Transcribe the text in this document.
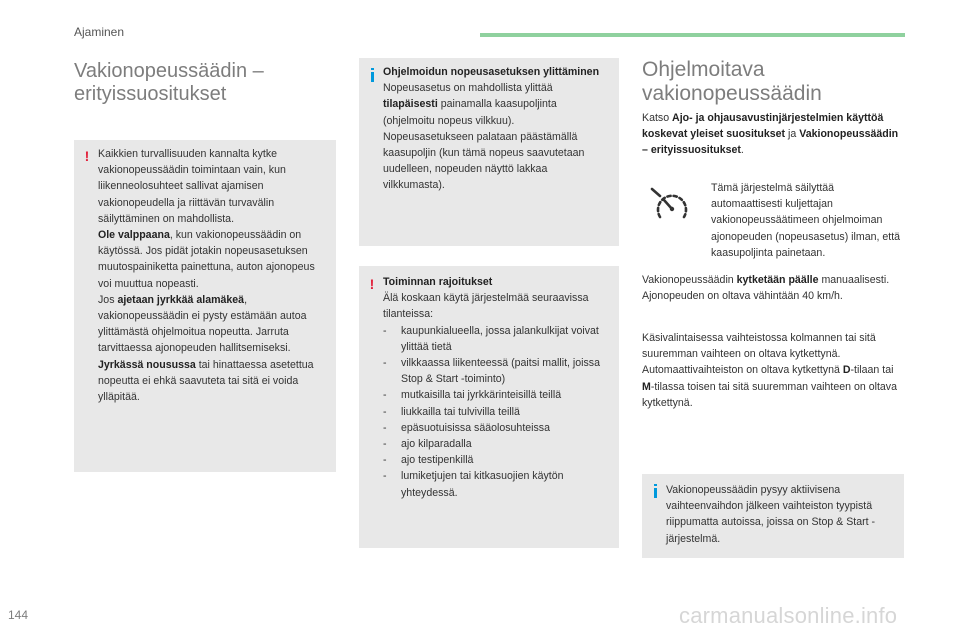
Ajaminen
Vakionopeussäädin –
erityissuositukset
! Kaikkien turvallisuuden kannalta kytke vakionopeussäädin toimintaan vain, kun liikenneolosuhteet sallivat ajamisen vakionopeudella ja riittävän turvavälin säilyttäminen on mahdollista.

Ole valppaana, kun vakionopeussäädin on käytössä. Jos pidät jotakin nopeusasetuksen muutospainiketta painettuna, auton ajonopeus voi muuttua nopeasti.

Jos ajetaan jyrkkää alamäkeä, vakionopeussäädin ei pysty estämään autoa ylittämästä ohjelmoitua nopeutta. Jarruta tarvittaessa ajonopeuden hallitsemiseksi.

Jyrkässä nousussa tai hinattaessa asetettua nopeutta ei ehkä saavuteta tai sitä ei voida ylläpitää.

Ohjelmoidun nopeusasetuksen ylittäminen

Nopeusasetus on mahdollista ylittää tilapäisesti painamalla kaasupoljinta (ohjelmoitu nopeus vilkkuu).

Nopeusasetukseen palataan päästämällä kaasupoljin (kun tämä nopeus saavutetaan uudelleen, nopeuden näyttö lakkaa vilkkumasta).

! Toiminnan rajoitukset

Älä koskaan käytä järjestelmää seuraavissa tilanteissa:

- kaupunkialueella, jossa jalankulkijat voivat ylittää tietä
- vilkkaassa liikenteessä (paitsi mallit, joissa Stop & Start -toiminto)
- mutkaisilla tai jyrkkärinteisillä teillä
- liukkailla tai tulvivilla teillä
- epäsuotuisissa sääolosuhteissa
- ajo kilparadalla
- ajo testipenkillä
- lumiketjujen tai kitkasuojien käytön yhteydessä.
Ohjelmoitava
vakionopeussäädin
Katso Ajo- ja ohjausavustinjärjestelmien käyttöä koskevat yleiset suositukset ja Vakionopeussäädin – erityissuositukset.
Tämä järjestelmä säilyttää automaattisesti kuljettajan vakionopeussäätimeen ohjelmoiman ajonopeuden (nopeusasetus) ilman, että kaasupoljinta painetaan.
Vakionopeussäädin kytketään päälle manuaalisesti.
Ajonopeuden on oltava vähintään 40 km/h.
Käsivalintaisessa vaihteistossa kolmannen tai sitä suuremman vaihteen on oltava kytkettynä.
Automaattivaihteiston on oltava kytkettynä D-tilaan tai M-tilassa toisen tai sitä suuremman vaihteen on oltava kytkettynä.

Vakionopeussäädin pysyy aktiivisena vaihteenvaihdon jälkeen vaihteiston tyypistä riippumatta autoissa, joissa on Stop & Start -järjestelmä.

144	carmanualsonline.info
